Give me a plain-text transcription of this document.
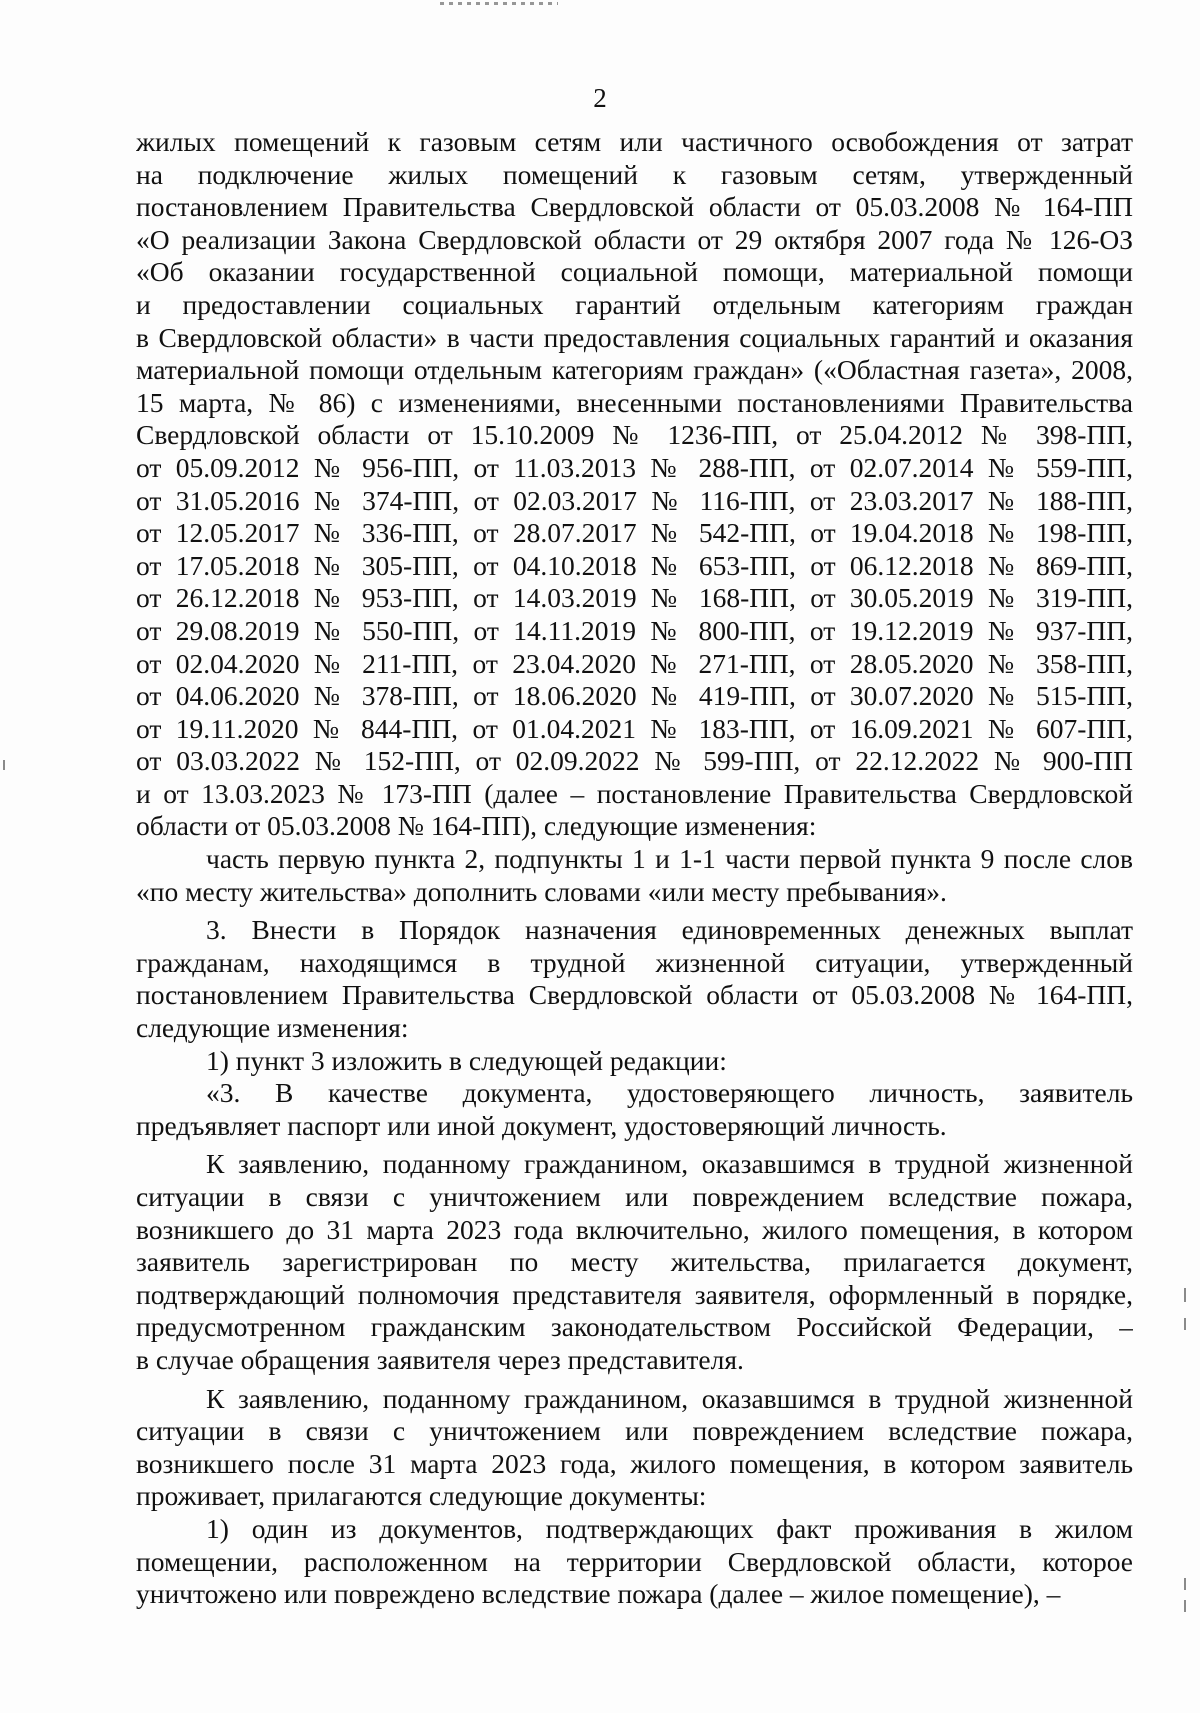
2
жилых помещений к газовым сетям или частичного освобождения от затрат
на подключение жилых помещений к газовым сетям, утвержденный
постановлением Правительства Свердловской области от 05.03.2008 № 164-ПП
«О реализации Закона Свердловской области от 29 октября 2007 года № 126-ОЗ
«Об оказании государственной социальной помощи, материальной помощи
и предоставлении социальных гарантий отдельным категориям граждан
в Свердловской области» в части предоставления социальных гарантий и оказания
материальной помощи отдельным категориям граждан» («Областная газета», 2008,
15 марта, № 86) с изменениями, внесенными постановлениями Правительства
Свердловской области от 15.10.2009 № 1236-ПП, от 25.04.2012 № 398-ПП,
от 05.09.2012 № 956-ПП, от 11.03.2013 № 288-ПП, от 02.07.2014 № 559-ПП,
от 31.05.2016 № 374-ПП, от 02.03.2017 № 116-ПП, от 23.03.2017 № 188-ПП,
от 12.05.2017 № 336-ПП, от 28.07.2017 № 542-ПП, от 19.04.2018 № 198-ПП,
от 17.05.2018 № 305-ПП, от 04.10.2018 № 653-ПП, от 06.12.2018 № 869-ПП,
от 26.12.2018 № 953-ПП, от 14.03.2019 № 168-ПП, от 30.05.2019 № 319-ПП,
от 29.08.2019 № 550-ПП, от 14.11.2019 № 800-ПП, от 19.12.2019 № 937-ПП,
от 02.04.2020 № 211-ПП, от 23.04.2020 № 271-ПП, от 28.05.2020 № 358-ПП,
от 04.06.2020 № 378-ПП, от 18.06.2020 № 419-ПП, от 30.07.2020 № 515-ПП,
от 19.11.2020 № 844-ПП, от 01.04.2021 № 183-ПП, от 16.09.2021 № 607-ПП,
от 03.03.2022 № 152-ПП, от 02.09.2022 № 599-ПП, от 22.12.2022 № 900-ПП
и от 13.03.2023 № 173-ПП (далее – постановление Правительства Свердловской
области от 05.03.2008 № 164-ПП), следующие изменения:
часть первую пункта 2, подпункты 1 и 1-1 части первой пункта 9 после слов
«по месту жительства» дополнить словами «или месту пребывания».
3. Внести в Порядок назначения единовременных денежных выплат
гражданам, находящимся в трудной жизненной ситуации, утвержденный
постановлением Правительства Свердловской области от 05.03.2008 № 164-ПП,
следующие изменения:
1) пункт 3 изложить в следующей редакции:
«3. В качестве документа, удостоверяющего личность, заявитель
предъявляет паспорт или иной документ, удостоверяющий личность.
К заявлению, поданному гражданином, оказавшимся в трудной жизненной
ситуации в связи с уничтожением или повреждением вследствие пожара,
возникшего до 31 марта 2023 года включительно, жилого помещения, в котором
заявитель зарегистрирован по месту жительства, прилагается документ,
подтверждающий полномочия представителя заявителя, оформленный в порядке,
предусмотренном гражданским законодательством Российской Федерации, –
в случае обращения заявителя через представителя.
К заявлению, поданному гражданином, оказавшимся в трудной жизненной
ситуации в связи с уничтожением или повреждением вследствие пожара,
возникшего после 31 марта 2023 года, жилого помещения, в котором заявитель
проживает, прилагаются следующие документы:
1) один из документов, подтверждающих факт проживания в жилом
помещении, расположенном на территории Свердловской области, которое
уничтожено или повреждено вследствие пожара (далее – жилое помещение), –
